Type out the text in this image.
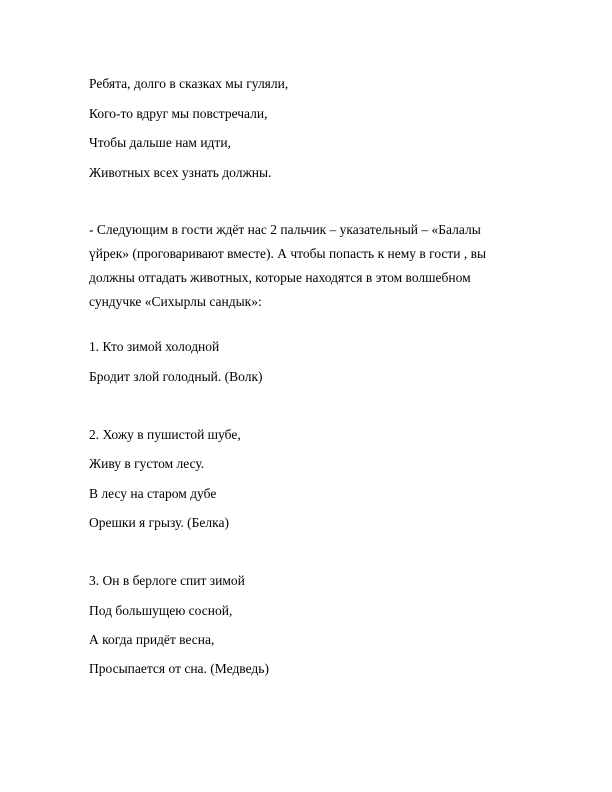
Ребята, долго в сказках мы гуляли,

Кого-то вдруг мы повстречали,

Чтобы дальше нам идти,

Животных всех узнать должны.

- Следующим в гости ждёт нас 2 пальчик – указательный – «Балалы

үйрек» (проговаривают вместе). А чтобы попасть к нему в гости , вы

должны отгадать животных, которые находятся в этом волшебном

сундучке «Сихырлы сандык»:

1. Кто зимой холодной

Бродит злой голодный. (Волк)

2. Хожу в пушистой шубе,

Живу в густом лесу.

В лесу на старом дубе

Орешки я грызу. (Белка)

3. Он в берлоге спит зимой

Под большущею сосной,

А когда придёт весна,

Просыпается от сна. (Медведь)
